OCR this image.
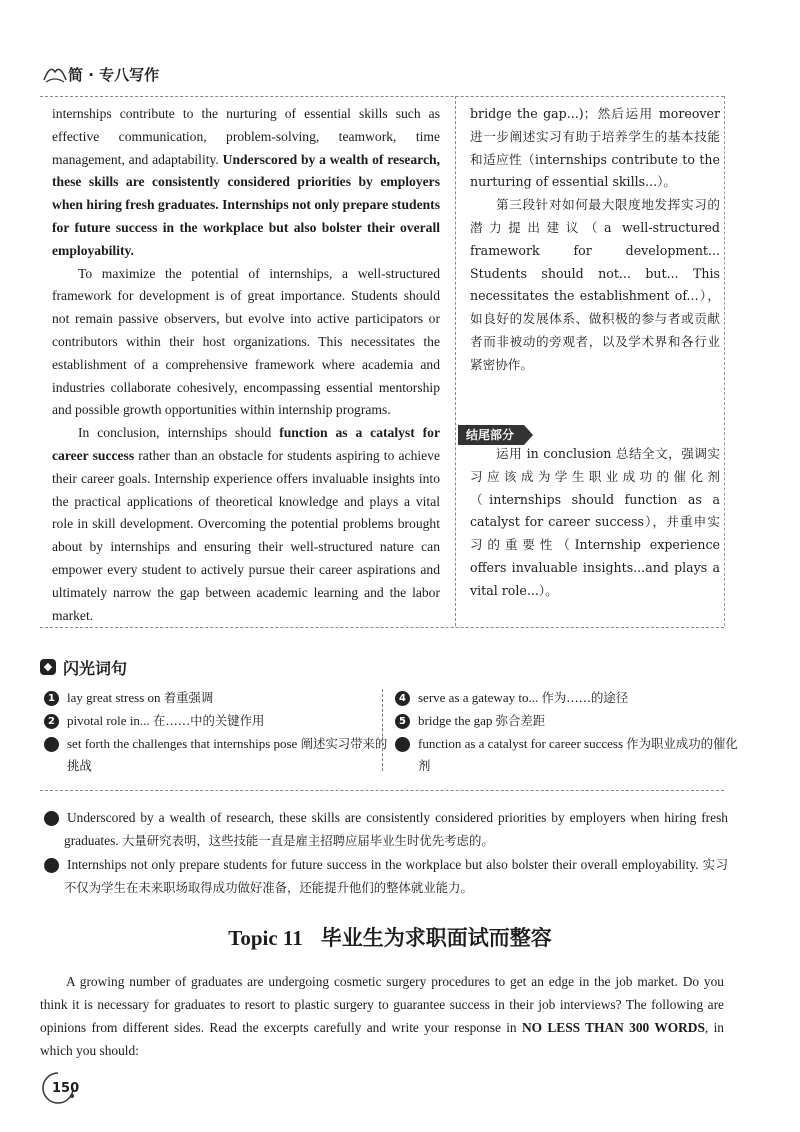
简 · 专八写作

internships contribute to the nurturing of essential skills such as effective communication, problem-solving, teamwork, time management, and adaptability. Underscored by a wealth of research, these skills are consistently considered priorities by employers when hiring fresh graduates. Internships not only prepare students for future success in the workplace but also bolster their overall employability.

To maximize the potential of internships, a well-structured framework for development is of great importance. Students should not remain passive observers, but evolve into active participators or contributors within their host organizations. This necessitates the establishment of a comprehensive framework where academia and industries collaborate cohesively, encompassing essential mentorship and possible growth opportunities within internship programs.

In conclusion, internships should function as a catalyst for career success rather than an obstacle for students aspiring to achieve their career goals. Internship experience offers invaluable insights into the practical applications of theoretical knowledge and plays a vital role in skill development. Overcoming the potential problems brought about by internships and ensuring their well-structured nature can empower every student to actively pursue their career aspirations and ultimately narrow the gap between academic learning and the labor market.

bridge the gap...)；然后运用 moreover 进一步阐述实习有助于培养学生的基本技能和适应性（internships contribute to the nurturing of essential skills...）。

第三段针对如何最大限度地发挥实习的潜力提出建议（a well-structured framework for development... Students should not... but... This necessitates the establishment of...），如良好的发展体系、做积极的参与者或贡献者而非被动的旁观者，以及学术界和各行业紧密协作。

结尾部分

运用 in conclusion 总结全文，强调实习应该成为学生职业成功的催化剂（internships should function as a catalyst for career success），并重申实习的重要性（Internship experience offers invaluable insights...and plays a vital role...）。

◆ 闪光词句
1 lay great stress on 着重强调
2 pivotal role in... 在……中的关键作用
3 set forth the challenges that internships pose 阐述实习带来的挑战
4 serve as a gateway to... 作为……的途径
5 bridge the gap 弥合差距
6 function as a catalyst for career success 作为职业成功的催化剂

7 Underscored by a wealth of research, these skills are consistently considered priorities by employers when hiring fresh graduates. 大量研究表明，这些技能一直是雇主招聘应届毕业生时优先考虑的。

8 Internships not only prepare students for future success in the workplace but also bolster their overall employability. 实习不仅为学生在未来职场取得成功做好准备，还能提升他们的整体就业能力。

Topic 11 毕业生为求职面试而整容

A growing number of graduates are undergoing cosmetic surgery procedures to get an edge in the job market. Do you think it is necessary for graduates to resort to plastic surgery to guarantee success in their job interviews? The following are opinions from different sides. Read the excerpts carefully and write your response in NO LESS THAN 300 WORDS, in which you should:

150
